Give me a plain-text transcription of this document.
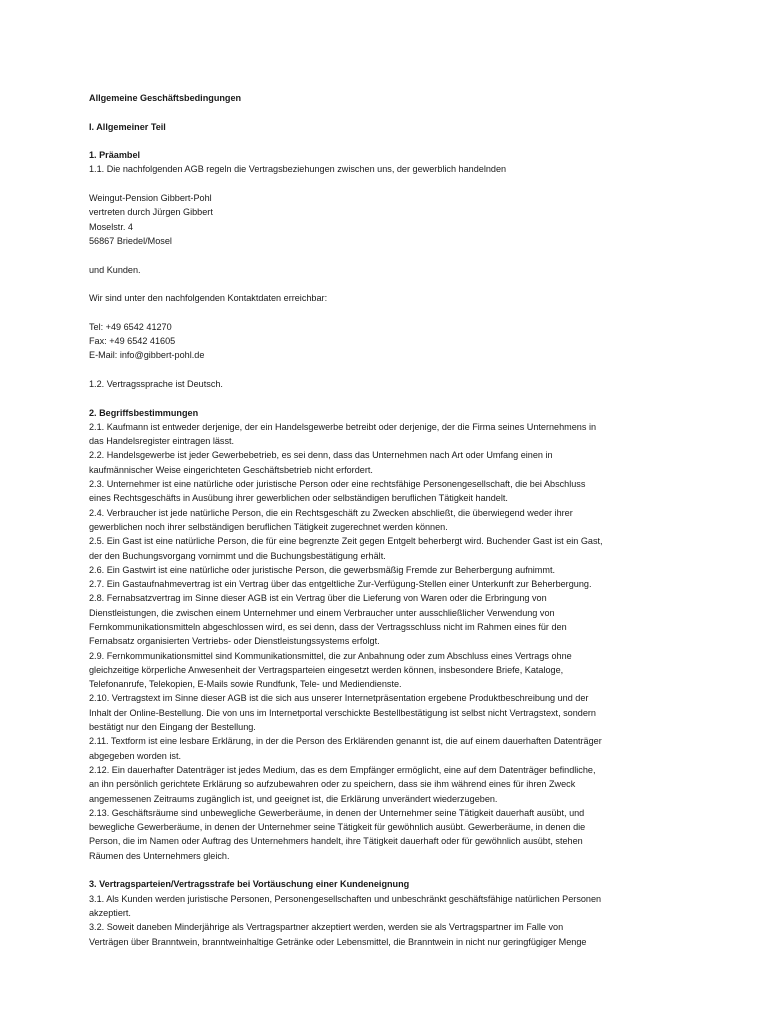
Allgemeine Geschäftsbedingungen

I. Allgemeiner Teil

1. Präambel

1.1. Die nachfolgenden AGB regeln die Vertragsbeziehungen zwischen uns, der gewerblich handelnden

Weingut-Pension Gibbert-Pohl

vertreten durch Jürgen Gibbert

Moselstr. 4

56867 Briedel/Mosel

und Kunden.

Wir sind unter den nachfolgenden Kontaktdaten erreichbar:

Tel: +49 6542 41270

Fax: +49 6542 41605

E-Mail: info@gibbert-pohl.de

1.2. Vertragssprache ist Deutsch.

2. Begriffsbestimmungen

2.1. Kaufmann ist entweder derjenige, der ein Handelsgewerbe betreibt oder derjenige, der die Firma seines Unternehmens in
das Handelsregister eintragen lässt.

2.2. Handelsgewerbe ist jeder Gewerbebetrieb, es sei denn, dass das Unternehmen nach Art oder Umfang einen in
kaufmännischer Weise eingerichteten Geschäftsbetrieb nicht erfordert.

2.3. Unternehmer ist eine natürliche oder juristische Person oder eine rechtsfähige Personengesellschaft, die bei Abschluss
eines Rechtsgeschäfts in Ausübung ihrer gewerblichen oder selbständigen beruflichen Tätigkeit handelt.

2.4. Verbraucher ist jede natürliche Person, die ein Rechtsgeschäft zu Zwecken abschließt, die überwiegend weder ihrer
gewerblichen noch ihrer selbständigen beruflichen Tätigkeit zugerechnet werden können.

2.5. Ein Gast ist eine natürliche Person, die für eine begrenzte Zeit gegen Entgelt beherbergt wird. Buchender Gast ist ein Gast,
der den Buchungsvorgang vornimmt und die Buchungsbestätigung erhält.

2.6. Ein Gastwirt ist eine natürliche oder juristische Person, die gewerbsmäßig Fremde zur Beherbergung aufnimmt.

2.7. Ein Gastaufnahmevertrag ist ein Vertrag über das entgeltliche Zur-Verfügung-Stellen einer Unterkunft zur Beherbergung.

2.8. Fernabsatzvertrag im Sinne dieser AGB ist ein Vertrag über die Lieferung von Waren oder die Erbringung von
Dienstleistungen, die zwischen einem Unternehmer und einem Verbraucher unter ausschließlicher Verwendung von
Fernkommunikationsmitteln abgeschlossen wird, es sei denn, dass der Vertragsschluss nicht im Rahmen eines für den
Fernabsatz organisierten Vertriebs- oder Dienstleistungssystems erfolgt.

2.9. Fernkommunikationsmittel sind Kommunikationsmittel, die zur Anbahnung oder zum Abschluss eines Vertrags ohne
gleichzeitige körperliche Anwesenheit der Vertragsparteien eingesetzt werden können, insbesondere Briefe, Kataloge,
Telefonanrufe, Telekopien, E-Mails sowie Rundfunk, Tele- und Mediendienste.

2.10. Vertragstext im Sinne dieser AGB ist die sich aus unserer Internetpräsentation ergebene Produktbeschreibung und der
Inhalt der Online-Bestellung. Die von uns im Internetportal verschickte Bestellbestätigung ist selbst nicht Vertragstext, sondern
bestätigt nur den Eingang der Bestellung.

2.11. Textform ist eine lesbare Erklärung, in der die Person des Erklärenden genannt ist, die auf einem dauerhaften Datenträger
abgegeben worden ist.

2.12. Ein dauerhafter Datenträger ist jedes Medium, das es dem Empfänger ermöglicht, eine auf dem Datenträger befindliche,
an ihn persönlich gerichtete Erklärung so aufzubewahren oder zu speichern, dass sie ihm während eines für ihren Zweck
angemessenen Zeitraums zugänglich ist, und geeignet ist, die Erklärung unverändert wiederzugeben.

2.13. Geschäftsräume sind unbewegliche Gewerberäume, in denen der Unternehmer seine Tätigkeit dauerhaft ausübt, und
bewegliche Gewerberäume, in denen der Unternehmer seine Tätigkeit für gewöhnlich ausübt. Gewerberäume, in denen die
Person, die im Namen oder Auftrag des Unternehmers handelt, ihre Tätigkeit dauerhaft oder für gewöhnlich ausübt, stehen
Räumen des Unternehmers gleich.

3. Vertragsparteien/Vertragsstrafe bei Vortäuschung einer Kundeneignung

3.1. Als Kunden werden juristische Personen, Personengesellschaften und unbeschränkt geschäftsfähige natürlichen Personen
akzeptiert.

3.2. Soweit daneben Minderjährige als Vertragspartner akzeptiert werden, werden sie als Vertragspartner im Falle von
Verträgen über Branntwein, branntweinhaltige Getränke oder Lebensmittel, die Branntwein in nicht nur geringfügiger Menge
